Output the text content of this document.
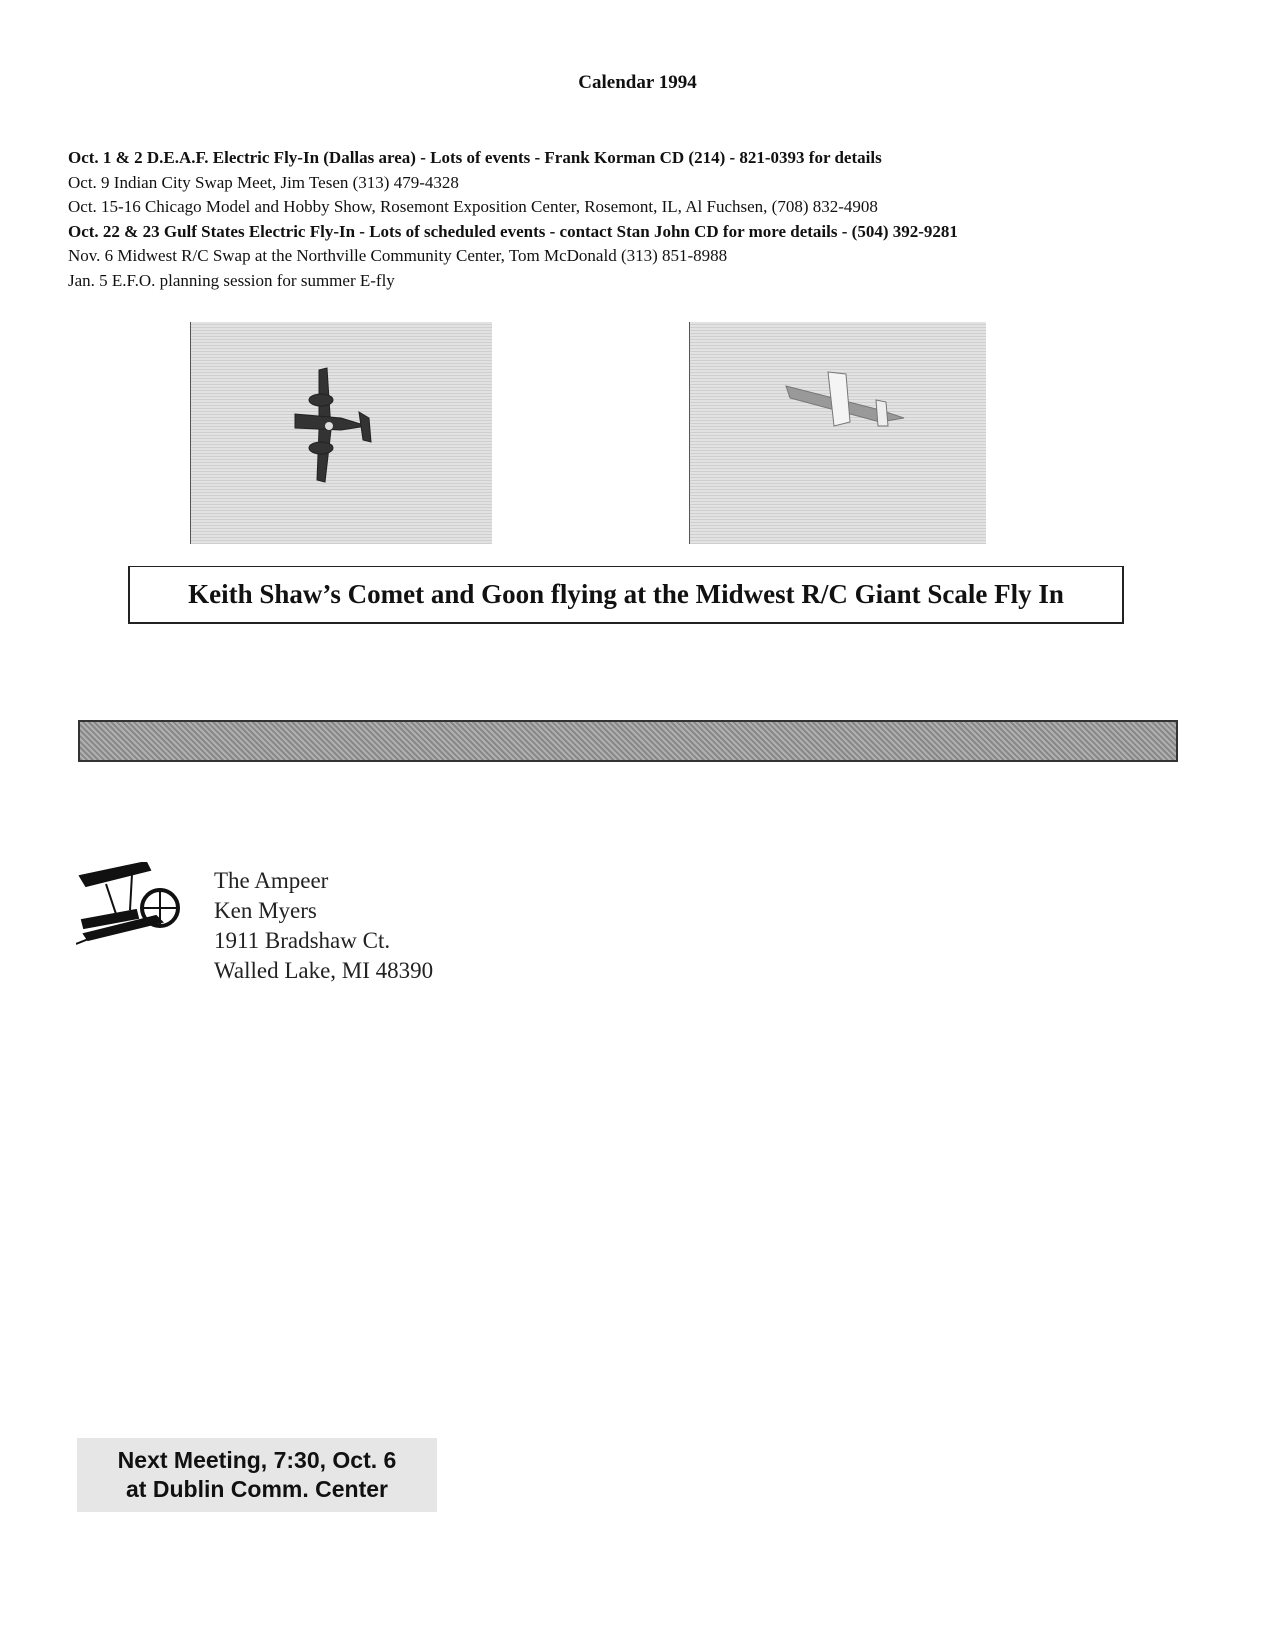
Calendar 1994
Oct. 1 & 2 D.E.A.F. Electric Fly-In (Dallas area) - Lots of events - Frank Korman CD (214) - 821-0393 for details
Oct. 9 Indian City Swap Meet, Jim Tesen (313) 479-4328
Oct. 15-16 Chicago Model and Hobby Show, Rosemont Exposition Center, Rosemont, IL, Al Fuchsen, (708) 832-4908
Oct. 22 & 23 Gulf States Electric Fly-In - Lots of scheduled events - contact Stan John CD for more details - (504) 392-9281
Nov. 6 Midwest R/C Swap at the Northville Community Center, Tom McDonald (313) 851-8988
Jan. 5 E.F.O. planning session for summer E-fly
Keith Shaw’s Comet and Goon flying at the Midwest R/C Giant Scale Fly In
The Ampeer
Ken Myers
1911 Bradshaw Ct.
Walled Lake, MI 48390
Next Meeting, 7:30, Oct. 6
at Dublin Comm. Center
